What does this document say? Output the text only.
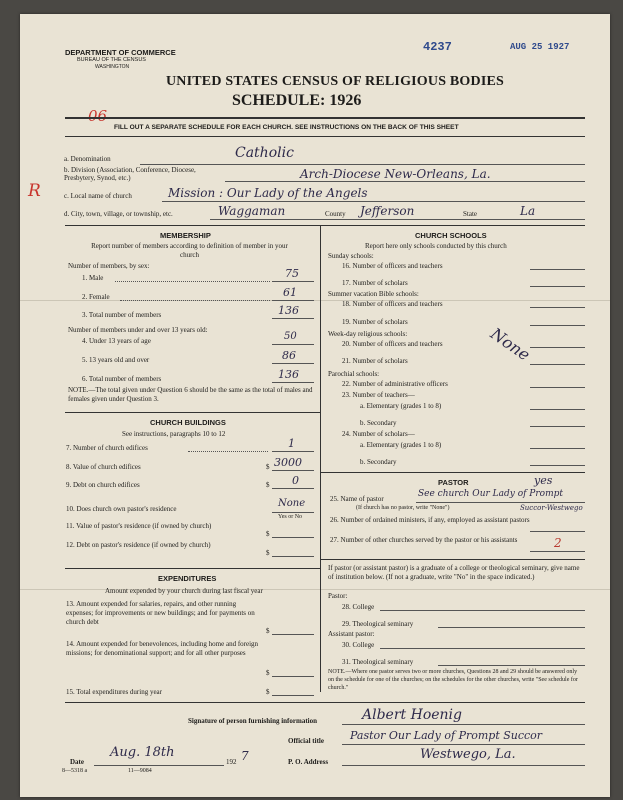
DEPARTMENT OF COMMERCE
BUREAU OF THE CENSUS
WASHINGTON
4237	AUG 25 1927
UNITED STATES CENSUS OF RELIGIOUS BODIES
SCHEDULE: 1926
06
FILL OUT A SEPARATE SCHEDULE FOR EACH CHURCH. SEE INSTRUCTIONS ON THE BACK OF THIS SHEET
a. Denomination	Catholic
b. Division (Association, Conference, Diocese, Presbytery, Synod, etc.)	Arch-Diocese New-Orleans, La.
R	c. Local name of church	Mission : Our Lady of the Angels
d. City, town, village, or township, etc.	Waggaman	County Jefferson	State	La
MEMBERSHIP
Report number of members according to definition of member in your church
Number of members, by sex:
1. Male	75
2. Female	61
3. Total number of members	136
Number of members under and over 13 years old:
4. Under 13 years of age	50
5. 13 years old and over	86
6. Total number of members	136
NOTE.—The total given under Question 6 should be the same as the total of males and females given under Question 3.
CHURCH BUILDINGS
See instructions, paragraphs 10 to 12
7. Number of church edifices	1
8. Value of church edifices	$ 3000
9. Debt on church edifices	$ 0
10. Does church own pastor's residence	None
Yes or No
11. Value of pastor's residence (if owned by church)
$
12. Debt on pastor's residence (if owned by church)
$
EXPENDITURES
Amount expended by your church during last fiscal year
13. Amount expended for salaries, repairs, and other running expenses; for improvements or new buildings; and for payments on church debt
$
14. Amount expended for benevolences, including home and foreign missions; for denominational support; and for all other purposes
$
15. Total expenditures during year	$
CHURCH SCHOOLS
Report here only schools conducted by this church
Sunday schools:
16. Number of officers and teachers
17. Number of scholars
Summer vacation Bible schools:
18. Number of officers and teachers
19. Number of scholars
None
Week-day religious schools:
20. Number of officers and teachers
21. Number of scholars
Parochial schools:
22. Number of administrative officers
23. Number of teachers—
a. Elementary (grades 1 to 8)
b. Secondary
24. Number of scholars—
a. Elementary (grades 1 to 8)
b. Secondary
PASTOR	yes
25. Name of pastor	See church Our Lady of Prompt
(If church has no pastor, write "None")	Succor-Westwego
26. Number of ordained ministers, if any, employed as assistant pastors
27. Number of other churches served by the pastor or his assistants	2
If pastor (or assistant pastor) is a graduate of a college or theological seminary, give name of institution below. (If not a graduate, write "No" in the space indicated.)
Pastor:
28. College
29. Theological seminary
Assistant pastor:
30. College
31. Theological seminary
NOTE.—Where one pastor serves two or more churches, Questions 28 and 29 should be answered only on the schedule for one of the churches; on the schedules for the other churches, write "See schedule for church."
Signature of person furnishing information	Albert Hoenig
Official title Pastor Our Lady of Prompt Succor
Date
Aug. 18th
192 7	P. O. Address	Westwego, La.
8—5318 a	11—9084
